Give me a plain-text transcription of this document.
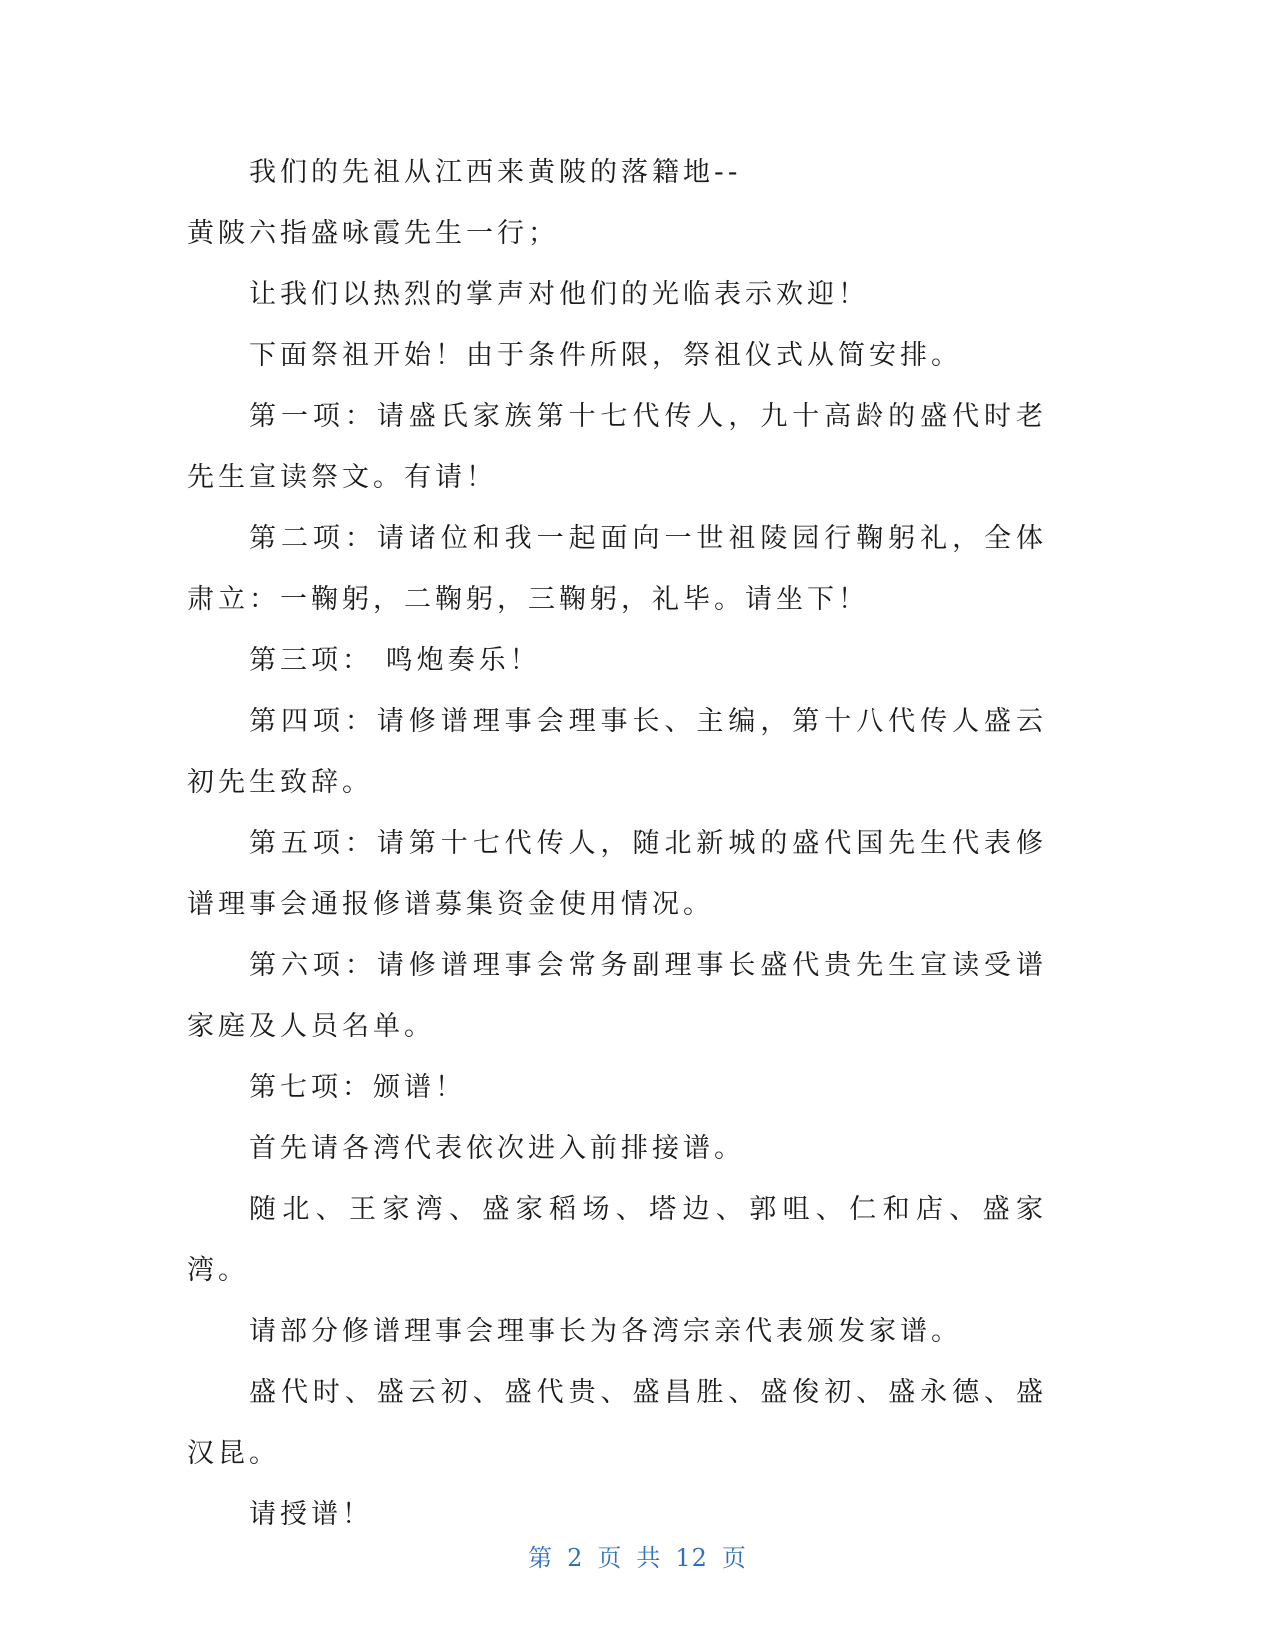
我们的先祖从江西来黄陂的落籍地--

黄陂六指盛咏霞先生一行；

让我们以热烈的掌声对他们的光临表示欢迎！

下面祭祖开始！由于条件所限，祭祖仪式从简安排。

第一项：请盛氏家族第十七代传人，九十高龄的盛代时老先生宣读祭文。有请！

第二项：请诸位和我一起面向一世祖陵园行鞠躬礼，全体肃立：一鞠躬，二鞠躬，三鞠躬，礼毕。请坐下！

第三项： 鸣炮奏乐！

第四项：请修谱理事会理事长、主编，第十八代传人盛云初先生致辞。

第五项：请第十七代传人，随北新城的盛代国先生代表修谱理事会通报修谱募集资金使用情况。

第六项：请修谱理事会常务副理事长盛代贵先生宣读受谱家庭及人员名单。

第七项：颁谱！

首先请各湾代表依次进入前排接谱。

随北、王家湾、盛家稻场、塔边、郭咀、仁和店、盛家湾。

请部分修谱理事会理事长为各湾宗亲代表颁发家谱。

盛代时、盛云初、盛代贵、盛昌胜、盛俊初、盛永德、盛汉昆。

请授谱！

第 2 页 共 12 页
